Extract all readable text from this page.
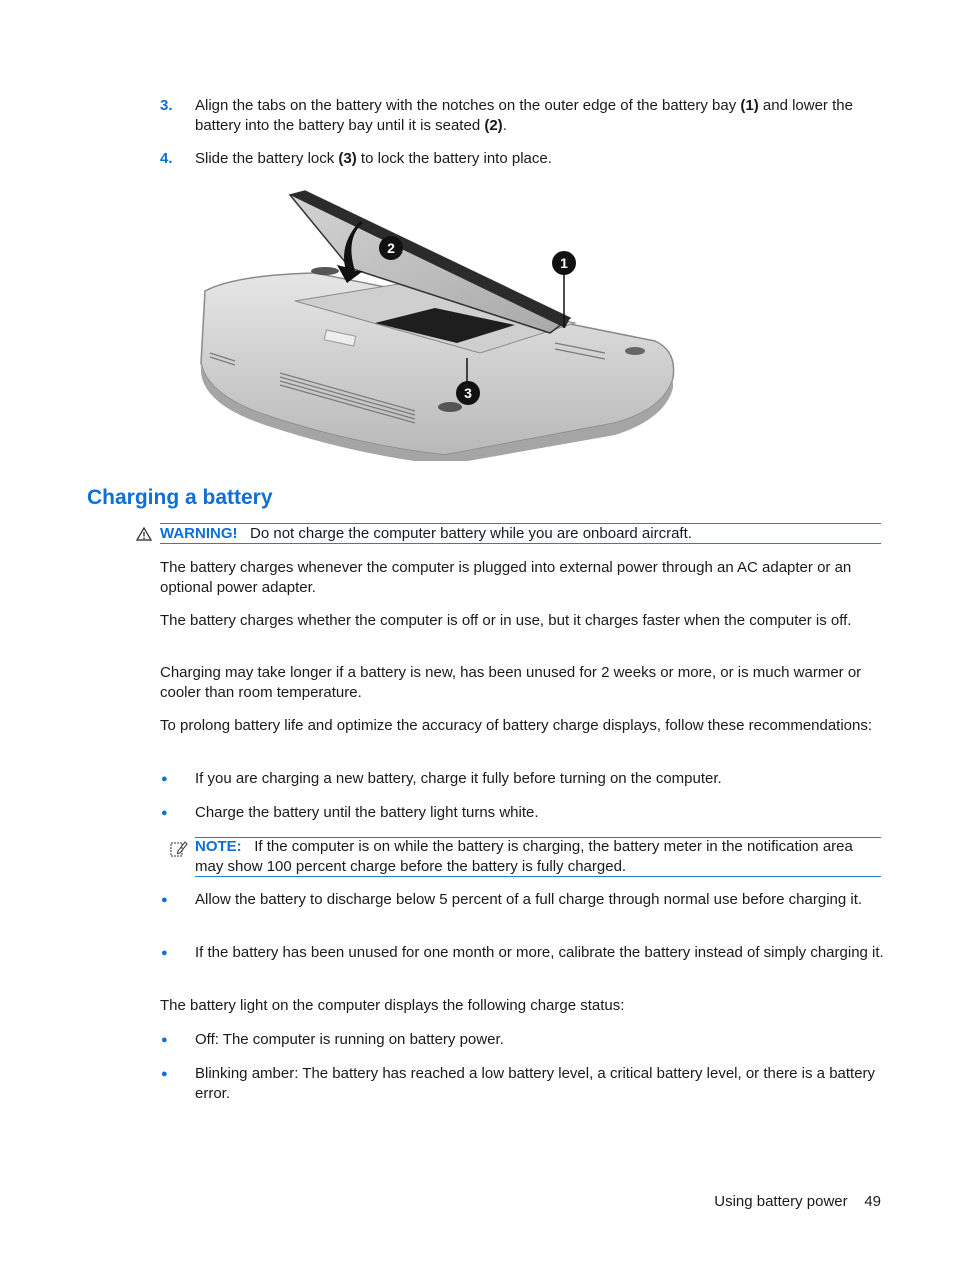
3. Align the tabs on the battery with the notches on the outer edge of the battery bay (1) and lower the battery into the battery bay until it is seated (2).
4. Slide the battery lock (3) to lock the battery into place.
2
1
3
Charging a battery
WARNING! Do not charge the computer battery while you are onboard aircraft.

The battery charges whenever the computer is plugged into external power through an AC adapter or an optional power adapter.

The battery charges whether the computer is off or in use, but it charges faster when the computer is off.

Charging may take longer if a battery is new, has been unused for 2 weeks or more, or is much warmer or cooler than room temperature.

To prolong battery life and optimize the accuracy of battery charge displays, follow these recommendations:

● If you are charging a new battery, charge it fully before turning on the computer.
● Charge the battery until the battery light turns white.
NOTE: If the computer is on while the battery is charging, the battery meter in the notification area may show 100 percent charge before the battery is fully charged.
● Allow the battery to discharge below 5 percent of a full charge through normal use before charging it.
● If the battery has been unused for one month or more, calibrate the battery instead of simply charging it.

The battery light on the computer displays the following charge status:

● Off: The computer is running on battery power.
● Blinking amber: The battery has reached a low battery level, a critical battery level, or there is a battery error.
Using battery power 49
